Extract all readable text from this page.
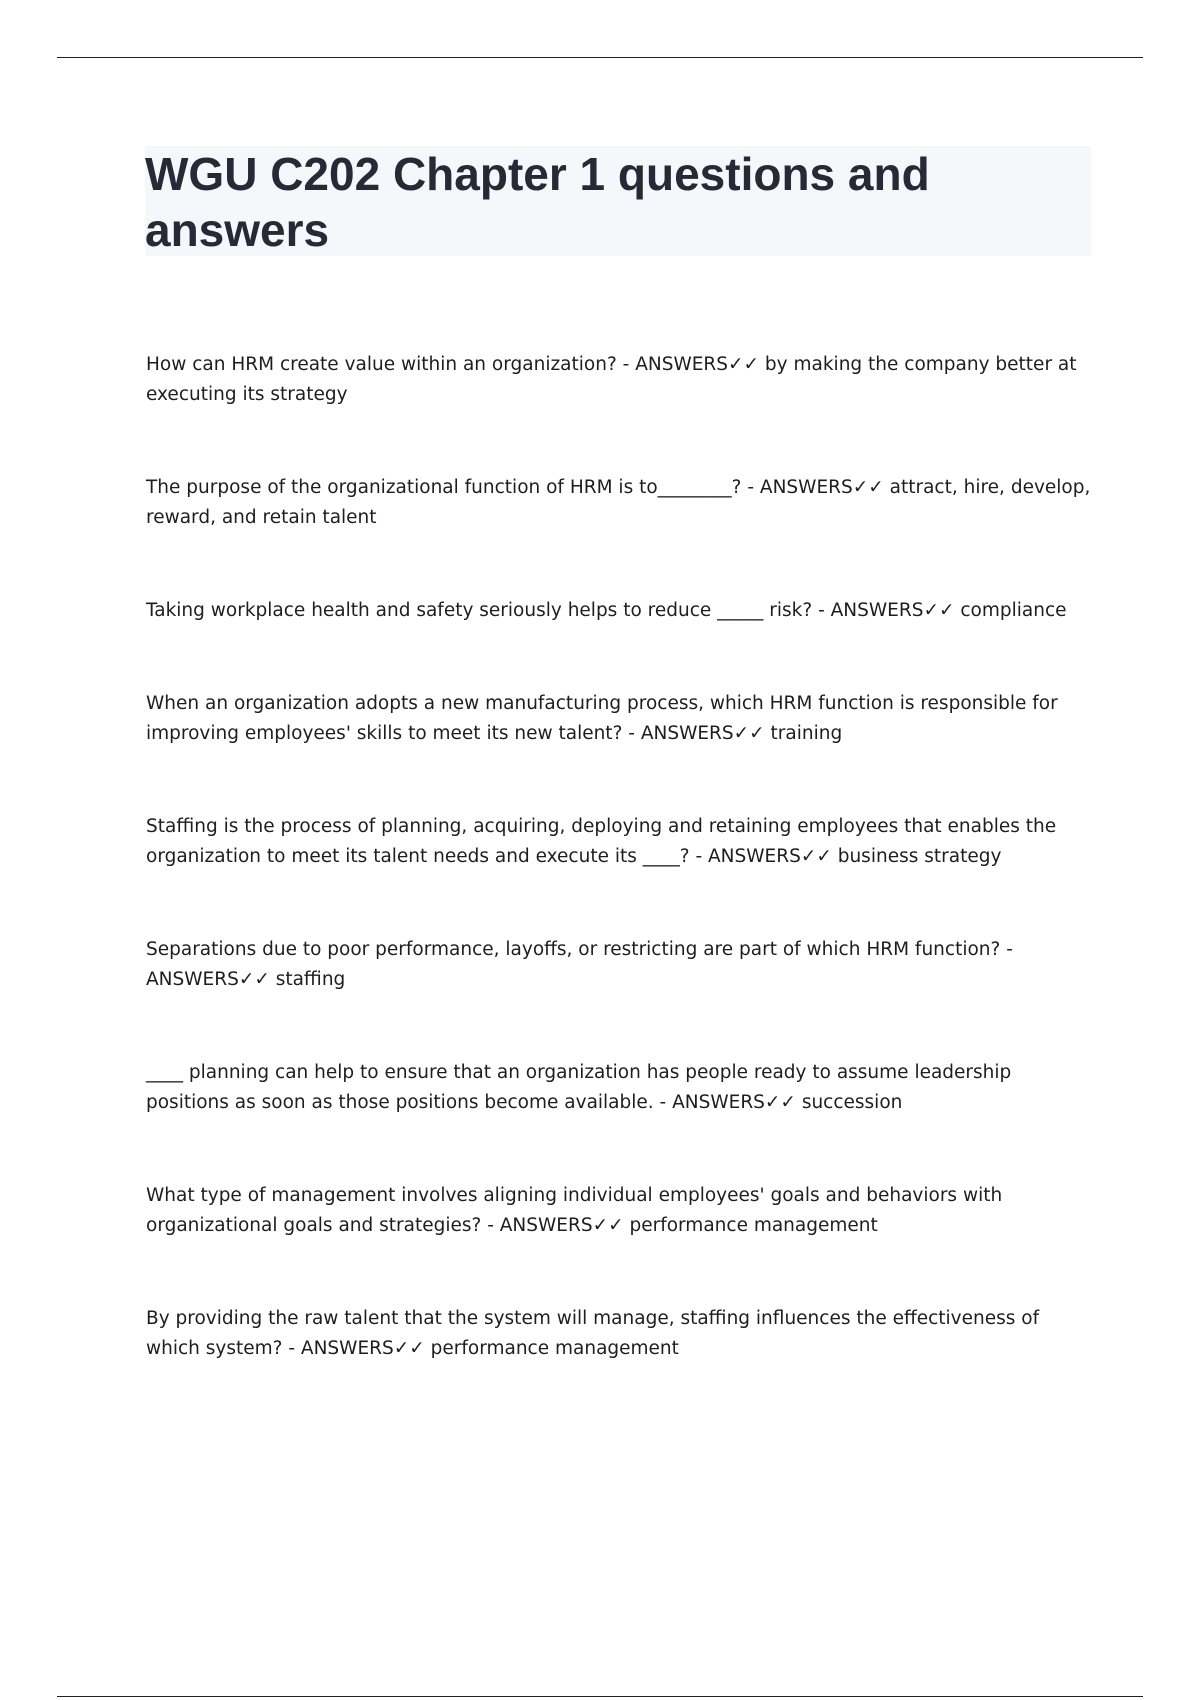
WGU C202 Chapter 1 questions and answers

How can HRM create value within an organization? - ANSWERS✓✓ by making the company better at executing its strategy

The purpose of the organizational function of HRM is to________? - ANSWERS✓✓ attract, hire, develop, reward, and retain talent

Taking workplace health and safety seriously helps to reduce _____ risk? - ANSWERS✓✓ compliance

When an organization adopts a new manufacturing process, which HRM function is responsible for improving employees' skills to meet its new talent? - ANSWERS✓✓ training

Staffing is the process of planning, acquiring, deploying and retaining employees that enables the organization to meet its talent needs and execute its ____? - ANSWERS✓✓ business strategy

Separations due to poor performance, layoffs, or restricting are part of which HRM function? - ANSWERS✓✓ staffing

____ planning can help to ensure that an organization has people ready to assume leadership positions as soon as those positions become available. - ANSWERS✓✓ succession

What type of management involves aligning individual employees' goals and behaviors with organizational goals and strategies? - ANSWERS✓✓ performance management

By providing the raw talent that the system will manage, staffing influences the effectiveness of which system? - ANSWERS✓✓ performance management
